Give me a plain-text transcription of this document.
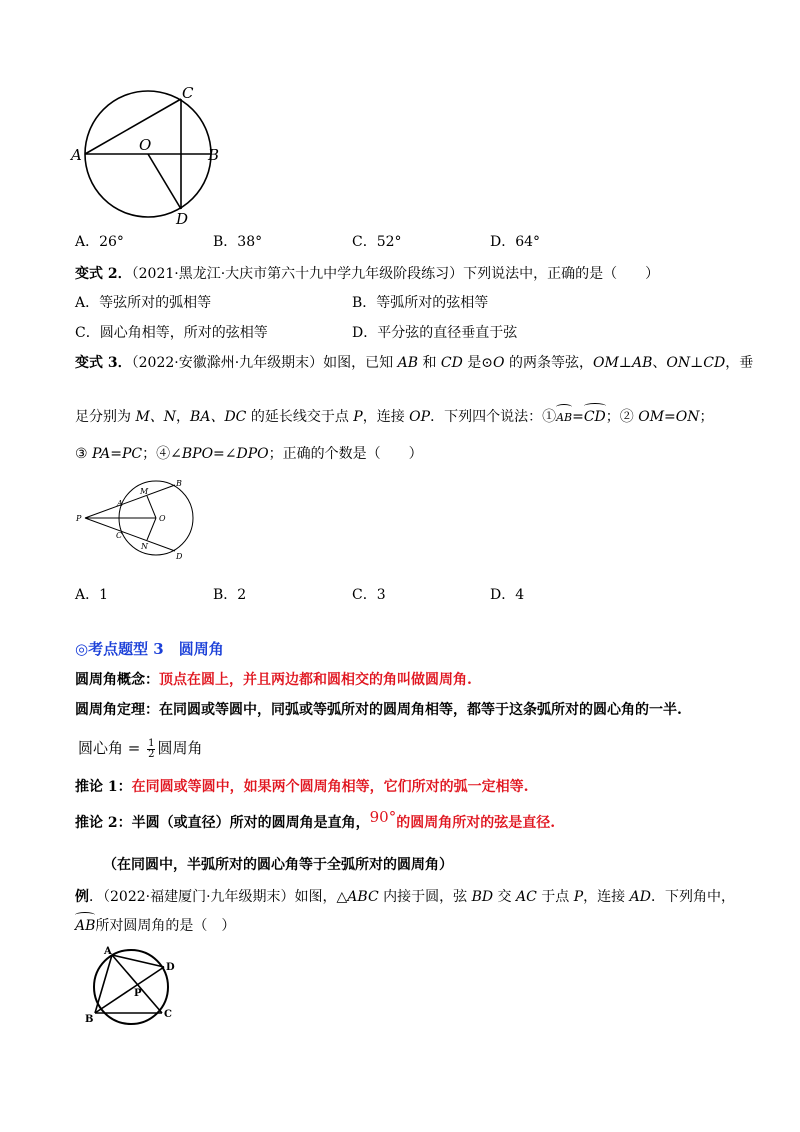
A
O
B
C
D
A．26°	B．38°	C．52°	D．64°
变式 2．（2021·黑龙江·大庆市第六十九中学九年级阶段练习）下列说法中，正确的是（　　）
A．等弦所对的弧相等	B．等弧所对的弦相等
C．圆心角相等，所对的弦相等	D．平分弦的直径垂直于弦
变式 3．（2022·安徽滁州·九年级期末）如图，已知 AB 和 CD 是⊙O 的两条等弦，OM⊥AB、ON⊥CD，垂
足分别为 M、N，BA、DC 的延长线交于点 P，连接 OP．下列四个说法：①AB=CD；② OM=ON；
③ PA=PC；④∠BPO=∠DPO；正确的个数是（　　）
B
M
A
P	O
C
N
D
A．1	B．2	C．3	D．4
◎考点题型 3　圆周角
圆周角概念：顶点在圆上，并且两边都和圆相交的角叫做圆周角.
圆周角定理：在同圆或等圆中，同弧或等弧所对的圆周角相等，都等于这条弧所对的圆心角的一半.
圆心角 = $\frac{1}{2}$ 圆周角
推论 1：在同圆或等圆中，如果两个圆周角相等，它们所对的弧一定相等.
推论 2：半圆（或直径）所对的圆周角是直角，90°的圆周角所对的弦是直径.
（在同圆中，半弧所对的圆心角等于全弧所对的圆周角）
例．（2022·福建厦门·九年级期末）如图，△ABC 内接于圆，弦 BD 交 AC 于点 P，连接 AD．下列角中，
AB所对圆周角的是（　）
A
D
P
B	C
